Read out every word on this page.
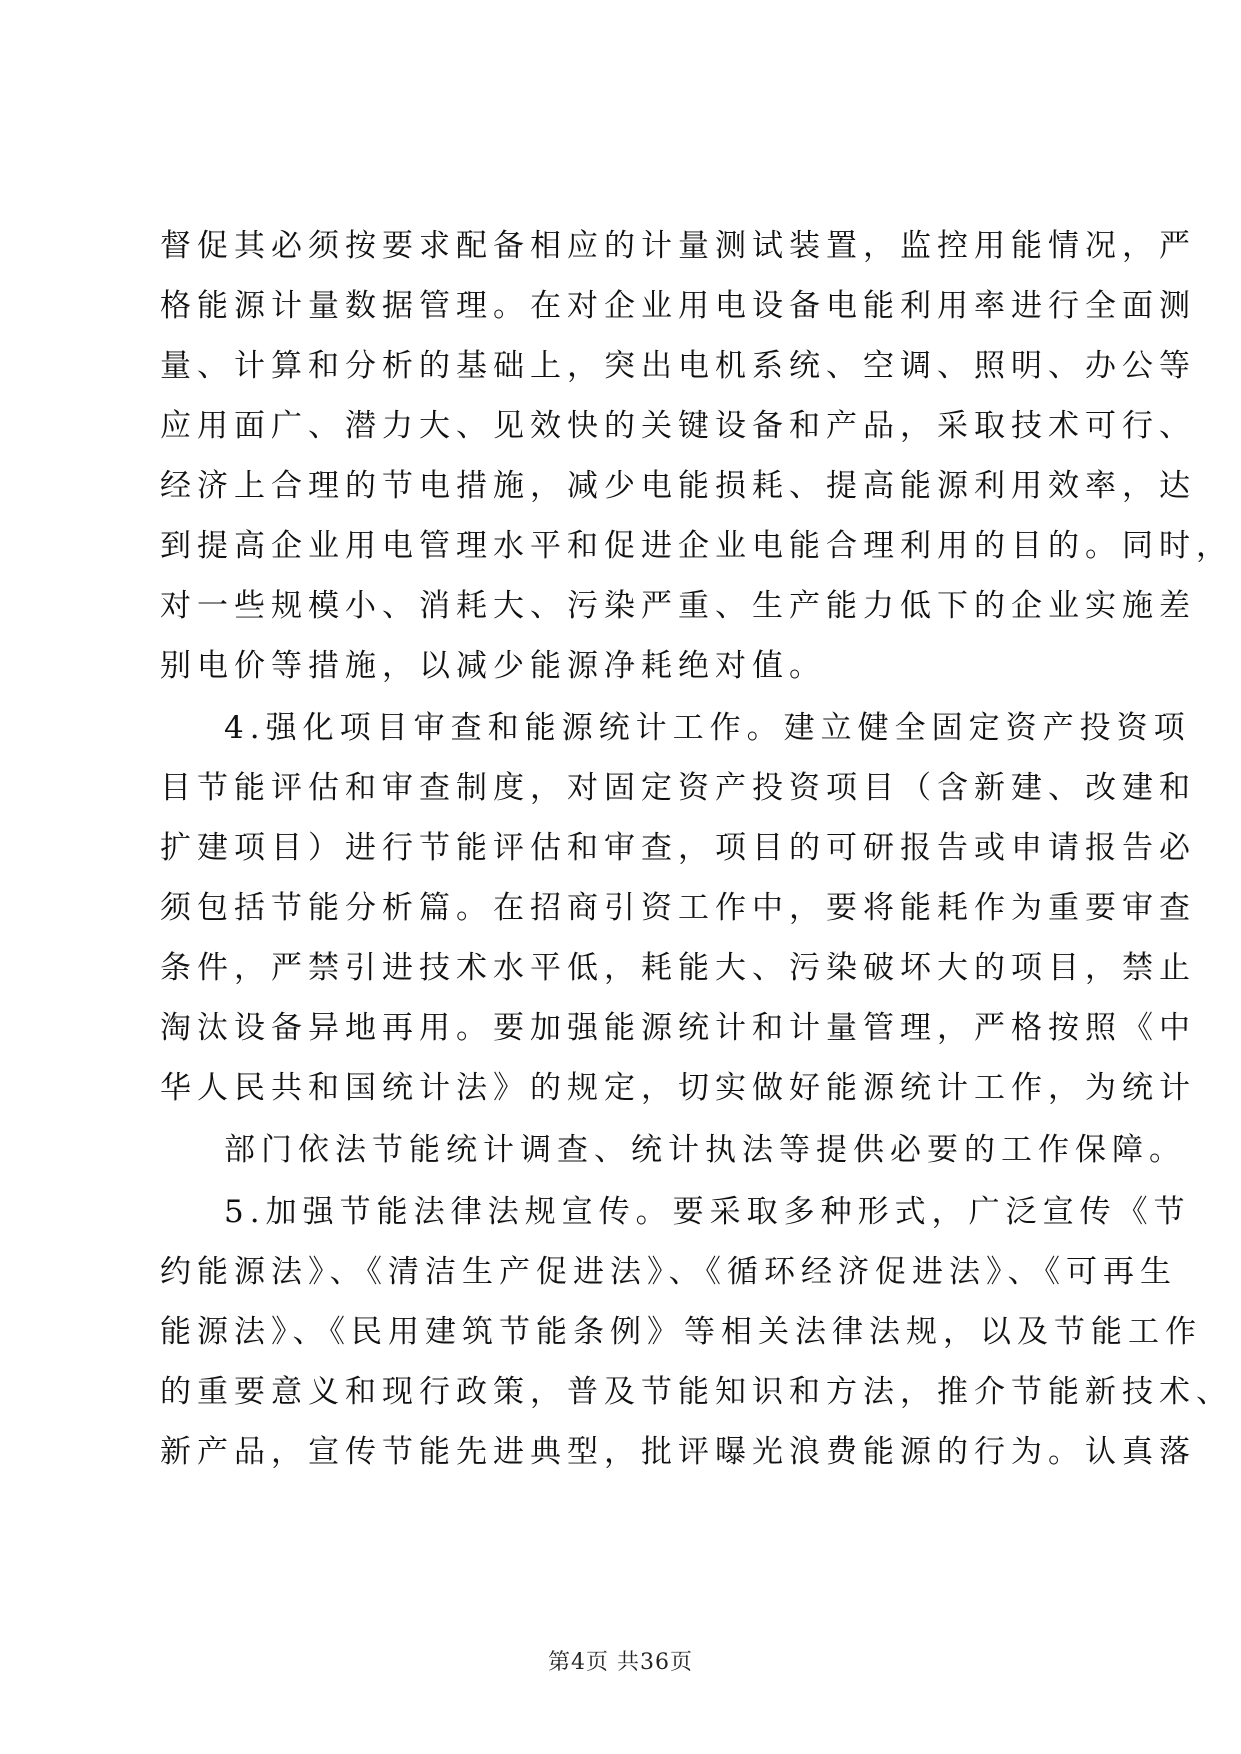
督促其必须按要求配备相应的计量测试装置，监控用能情况，严
格能源计量数据管理。在对企业用电设备电能利用率进行全面测
量、计算和分析的基础上，突出电机系统、空调、照明、办公等
应用面广、潜力大、见效快的关键设备和产品，采取技术可行、
经济上合理的节电措施，减少电能损耗、提高能源利用效率，达
到提高企业用电管理水平和促进企业电能合理利用的目的。同时，
对一些规模小、消耗大、污染严重、生产能力低下的企业实施差
别电价等措施，以减少能源净耗绝对值。
4.强化项目审查和能源统计工作。建立健全固定资产投资项
目节能评估和审查制度，对固定资产投资项目（含新建、改建和
扩建项目）进行节能评估和审查，项目的可研报告或申请报告必
须包括节能分析篇。在招商引资工作中，要将能耗作为重要审查
条件，严禁引进技术水平低，耗能大、污染破坏大的项目，禁止
淘汰设备异地再用。要加强能源统计和计量管理，严格按照《中
华人民共和国统计法》的规定，切实做好能源统计工作，为统计
部门依法节能统计调查、统计执法等提供必要的工作保障。
5.加强节能法律法规宣传。要采取多种形式，广泛宣传《节
约能源法》、《清洁生产促进法》、《循环经济促进法》、《可再生
能源法》、《民用建筑节能条例》等相关法律法规，以及节能工作
的重要意义和现行政策，普及节能知识和方法，推介节能新技术、
新产品，宣传节能先进典型，批评曝光浪费能源的行为。认真落
第4页 共36页
